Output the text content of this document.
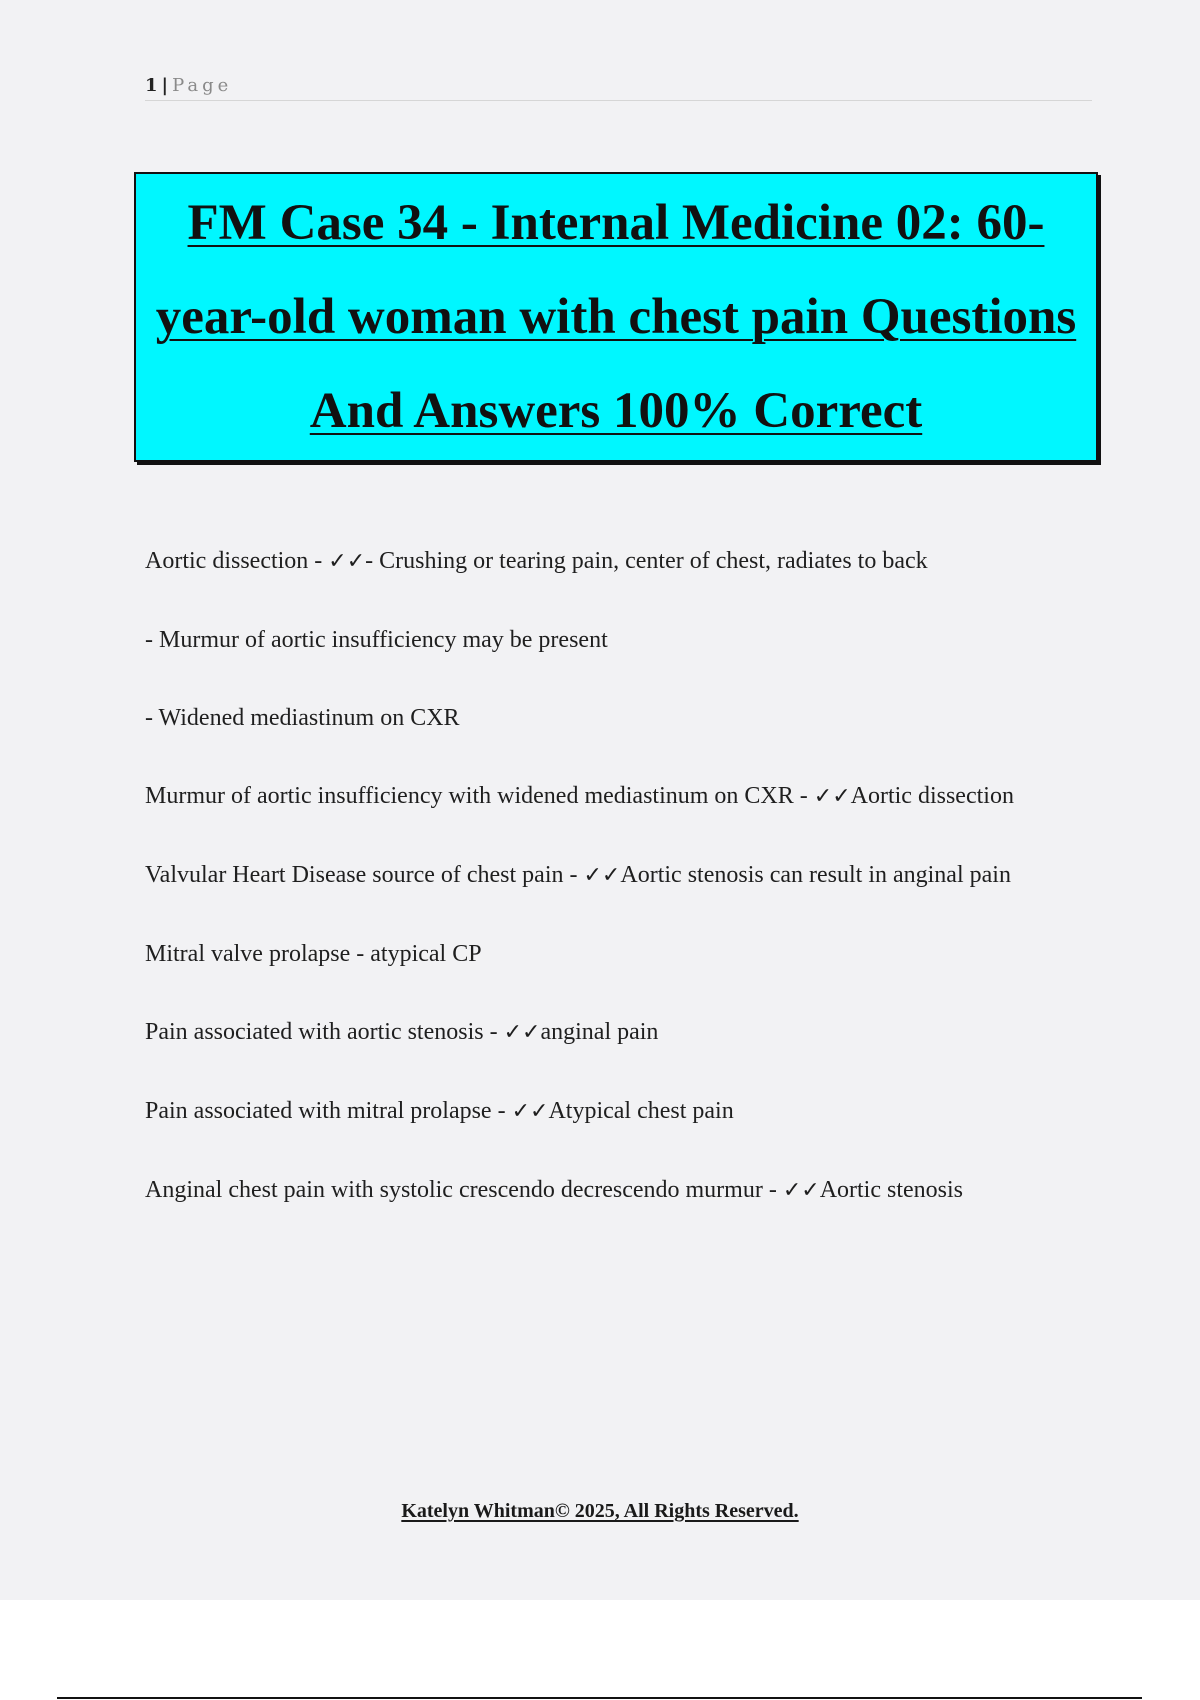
1 | Page
FM Case 34 - Internal Medicine 02: 60-year-old woman with chest pain Questions And Answers 100% Correct

Aortic dissection - ✓✓- Crushing or tearing pain, center of chest, radiates to back

- Murmur of aortic insufficiency may be present

- Widened mediastinum on CXR

Murmur of aortic insufficiency with widened mediastinum on CXR - ✓✓Aortic dissection

Valvular Heart Disease source of chest pain - ✓✓Aortic stenosis can result in anginal pain

Mitral valve prolapse - atypical CP

Pain associated with aortic stenosis - ✓✓anginal pain

Pain associated with mitral prolapse - ✓✓Atypical chest pain

Anginal chest pain with systolic crescendo decrescendo murmur - ✓✓Aortic stenosis

Katelyn Whitman© 2025, All Rights Reserved.
